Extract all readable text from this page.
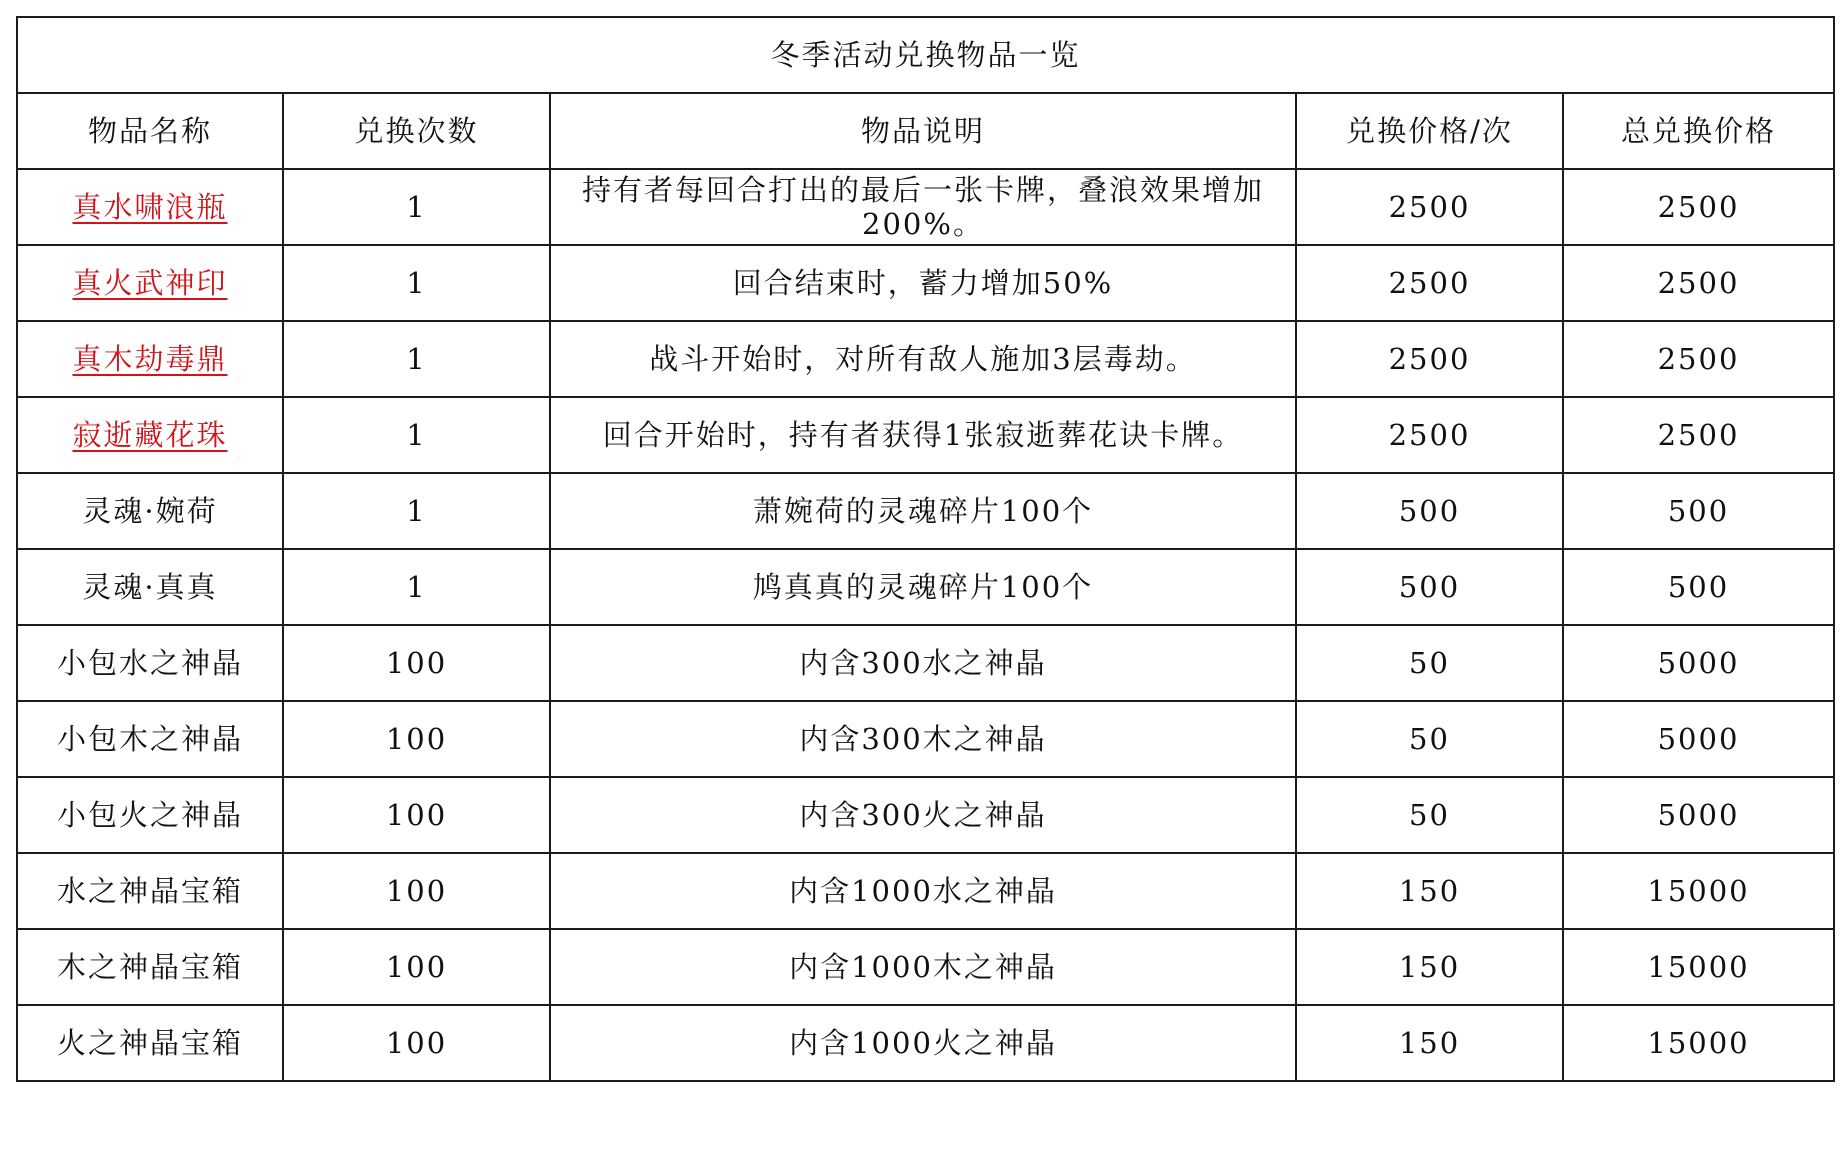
冬季活动兑换物品一览				
物品名称	兑换次数	物品说明	兑换价格/次	总兑换价格
真水啸浪瓶	1	持有者每回合打出的最后一张卡牌，叠浪效果增加200%。	2500	2500
真火武神印	1	回合结束时，蓄力增加50%	2500	2500
真木劫毒鼎	1	战斗开始时，对所有敌人施加3层毒劫。	2500	2500
寂逝藏花珠	1	回合开始时，持有者获得1张寂逝葬花诀卡牌。	2500	2500
灵魂·婉荷	1	萧婉荷的灵魂碎片100个	500	500
灵魂·真真	1	鸠真真的灵魂碎片100个	500	500
小包水之神晶	100	内含300水之神晶	50	5000
小包木之神晶	100	内含300木之神晶	50	5000
小包火之神晶	100	内含300火之神晶	50	5000
水之神晶宝箱	100	内含1000水之神晶	150	15000
木之神晶宝箱	100	内含1000木之神晶	150	15000
火之神晶宝箱	100	内含1000火之神晶	150	15000
